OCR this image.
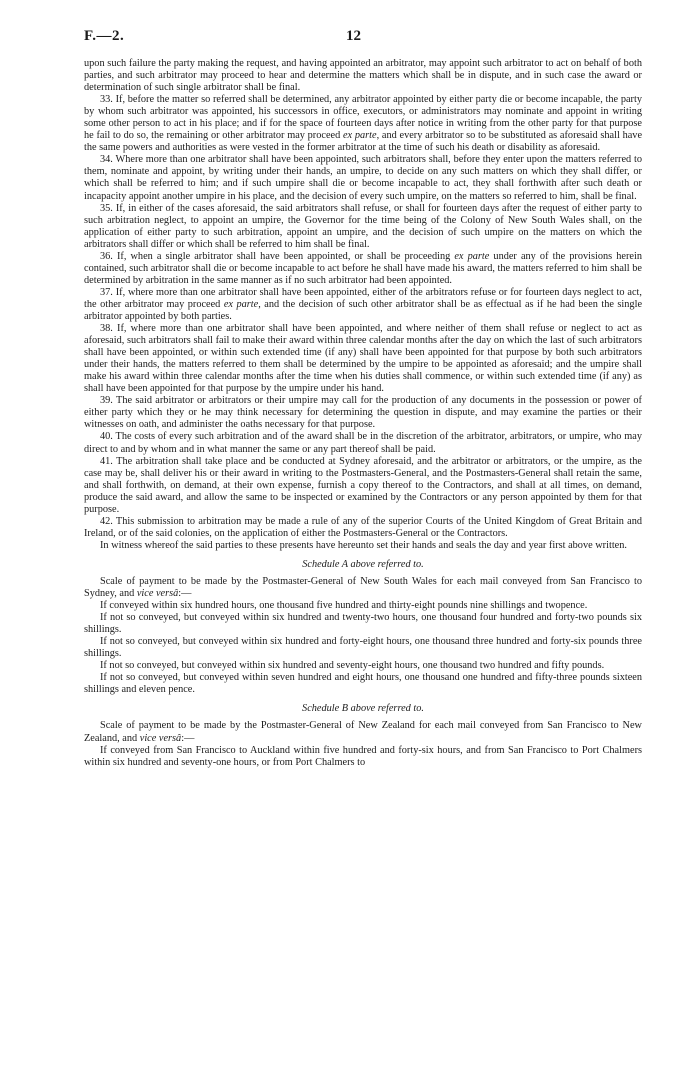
F.—2.	12

upon such failure the party making the request, and having appointed an arbitrator, may appoint such arbitrator to act on behalf of both parties, and such arbitrator may proceed to hear and determine the matters which shall be in dispute, and in such case the award or determination of such single arbitrator shall be final.

33. If, before the matter so referred shall be determined, any arbitrator appointed by either party die or become incapable, the party by whom such arbitrator was appointed, his successors in office, executors, or administrators may nominate and appoint in writing some other person to act in his place; and if for the space of fourteen days after notice in writing from the other party for that purpose he fail to do so, the remaining or other arbitrator may proceed ex parte, and every arbitrator so to be substituted as aforesaid shall have the same powers and authorities as were vested in the former arbitrator at the time of such his death or disability as aforesaid.

34. Where more than one arbitrator shall have been appointed, such arbitrators shall, before they enter upon the matters referred to them, nominate and appoint, by writing under their hands, an umpire, to decide on any such matters on which they shall differ, or which shall be referred to him; and if such umpire shall die or become incapable to act, they shall forthwith after such death or incapacity appoint another umpire in his place, and the decision of every such umpire, on the matters so referred to him, shall be final.

35. If, in either of the cases aforesaid, the said arbitrators shall refuse, or shall for fourteen days after the request of either party to such arbitration neglect, to appoint an umpire, the Governor for the time being of the Colony of New South Wales shall, on the application of either party to such arbitration, appoint an umpire, and the decision of such umpire on the matters on which the arbitrators shall differ or which shall be referred to him shall be final.

36. If, when a single arbitrator shall have been appointed, or shall be proceeding ex parte under any of the provisions herein contained, such arbitrator shall die or become incapable to act before he shall have made his award, the matters referred to him shall be determined by arbitration in the same manner as if no such arbitrator had been appointed.

37. If, where more than one arbitrator shall have been appointed, either of the arbitrators refuse or for fourteen days neglect to act, the other arbitrator may proceed ex parte, and the decision of such other arbitrator shall be as effectual as if he had been the single arbitrator appointed by both parties.

38. If, where more than one arbitrator shall have been appointed, and where neither of them shall refuse or neglect to act as aforesaid, such arbitrators shall fail to make their award within three calendar months after the day on which the last of such arbitrators shall have been appointed, or within such extended time (if any) shall have been appointed for that purpose by both such arbitrators under their hands, the matters referred to them shall be determined by the umpire to be appointed as aforesaid; and the umpire shall make his award within three calendar months after the time when his duties shall commence, or within such extended time (if any) as shall have been appointed for that purpose by the umpire under his hand.

39. The said arbitrator or arbitrators or their umpire may call for the production of any documents in the possession or power of either party which they or he may think necessary for determining the question in dispute, and may examine the parties or their witnesses on oath, and administer the oaths necessary for that purpose.

40. The costs of every such arbitration and of the award shall be in the discretion of the arbitrator, arbitrators, or umpire, who may direct to and by whom and in what manner the same or any part thereof shall be paid.

41. The arbitration shall take place and be conducted at Sydney aforesaid, and the arbitrator or arbitrators, or the umpire, as the case may be, shall deliver his or their award in writing to the Postmasters-General, and the Postmasters-General shall retain the same, and shall forthwith, on demand, at their own expense, furnish a copy thereof to the Contractors, and shall at all times, on demand, produce the said award, and allow the same to be inspected or examined by the Contractors or any person appointed by them for that purpose.

42. This submission to arbitration may be made a rule of any of the superior Courts of the United Kingdom of Great Britain and Ireland, or of the said colonies, on the application of either the Postmasters-General or the Contractors.

In witness whereof the said parties to these presents have hereunto set their hands and seals the day and year first above written.

Schedule A above referred to.

Scale of payment to be made by the Postmaster-General of New South Wales for each mail conveyed from San Francisco to Sydney, and vice versâ:—

If conveyed within six hundred hours, one thousand five hundred and thirty-eight pounds nine shillings and twopence.

If not so conveyed, but conveyed within six hundred and twenty-two hours, one thousand four hundred and forty-two pounds six shillings.

If not so conveyed, but conveyed within six hundred and forty-eight hours, one thousand three hundred and forty-six pounds three shillings.

If not so conveyed, but conveyed within six hundred and seventy-eight hours, one thousand two hundred and fifty pounds.

If not so conveyed, but conveyed within seven hundred and eight hours, one thousand one hundred and fifty-three pounds sixteen shillings and eleven pence.

Schedule B above referred to.

Scale of payment to be made by the Postmaster-General of New Zealand for each mail conveyed from San Francisco to New Zealand, and vice versâ:—

If conveyed from San Francisco to Auckland within five hundred and forty-six hours, and from San Francisco to Port Chalmers within six hundred and seventy-one hours, or from Port Chalmers to
